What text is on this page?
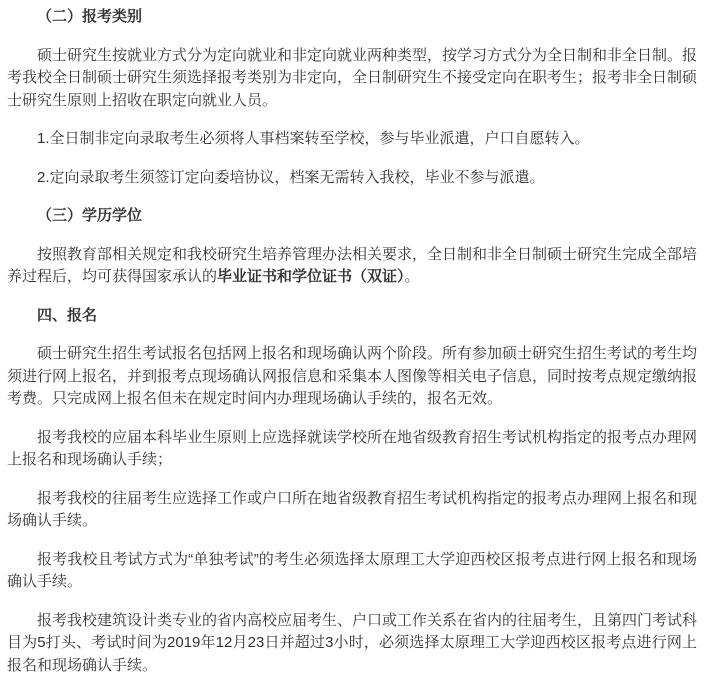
（二）报考类别

硕士研究生按就业方式分为定向就业和非定向就业两种类型，按学习方式分为全日制和非全日制。报考我校全日制硕士研究生须选择报考类别为非定向，全日制研究生不接受定向在职考生；报考非全日制硕士研究生原则上招收在职定向就业人员。

1.全日制非定向录取考生必须将人事档案转至学校，参与毕业派遣，户口自愿转入。

2.定向录取考生须签订定向委培协议，档案无需转入我校，毕业不参与派遣。

（三）学历学位

按照教育部相关规定和我校研究生培养管理办法相关要求，全日制和非全日制硕士研究生完成全部培养过程后，均可获得国家承认的毕业证书和学位证书（双证）。

四、报名

硕士研究生招生考试报名包括网上报名和现场确认两个阶段。所有参加硕士研究生招生考试的考生均须进行网上报名，并到报考点现场确认网报信息和采集本人图像等相关电子信息，同时按考点规定缴纳报考费。只完成网上报名但未在规定时间内办理现场确认手续的，报名无效。

报考我校的应届本科毕业生原则上应选择就读学校所在地省级教育招生考试机构指定的报考点办理网上报名和现场确认手续；

报考我校的往届考生应选择工作或户口所在地省级教育招生考试机构指定的报考点办理网上报名和现场确认手续。

报考我校且考试方式为“单独考试”的考生必须选择太原理工大学迎西校区报考点进行网上报名和现场确认手续。

报考我校建筑设计类专业的省内高校应届考生、户口或工作关系在省内的往届考生，且第四门考试科目为5打头、考试时间为2019年12月23日并超过3小时，必须选择太原理工大学迎西校区报考点进行网上报名和现场确认手续。
